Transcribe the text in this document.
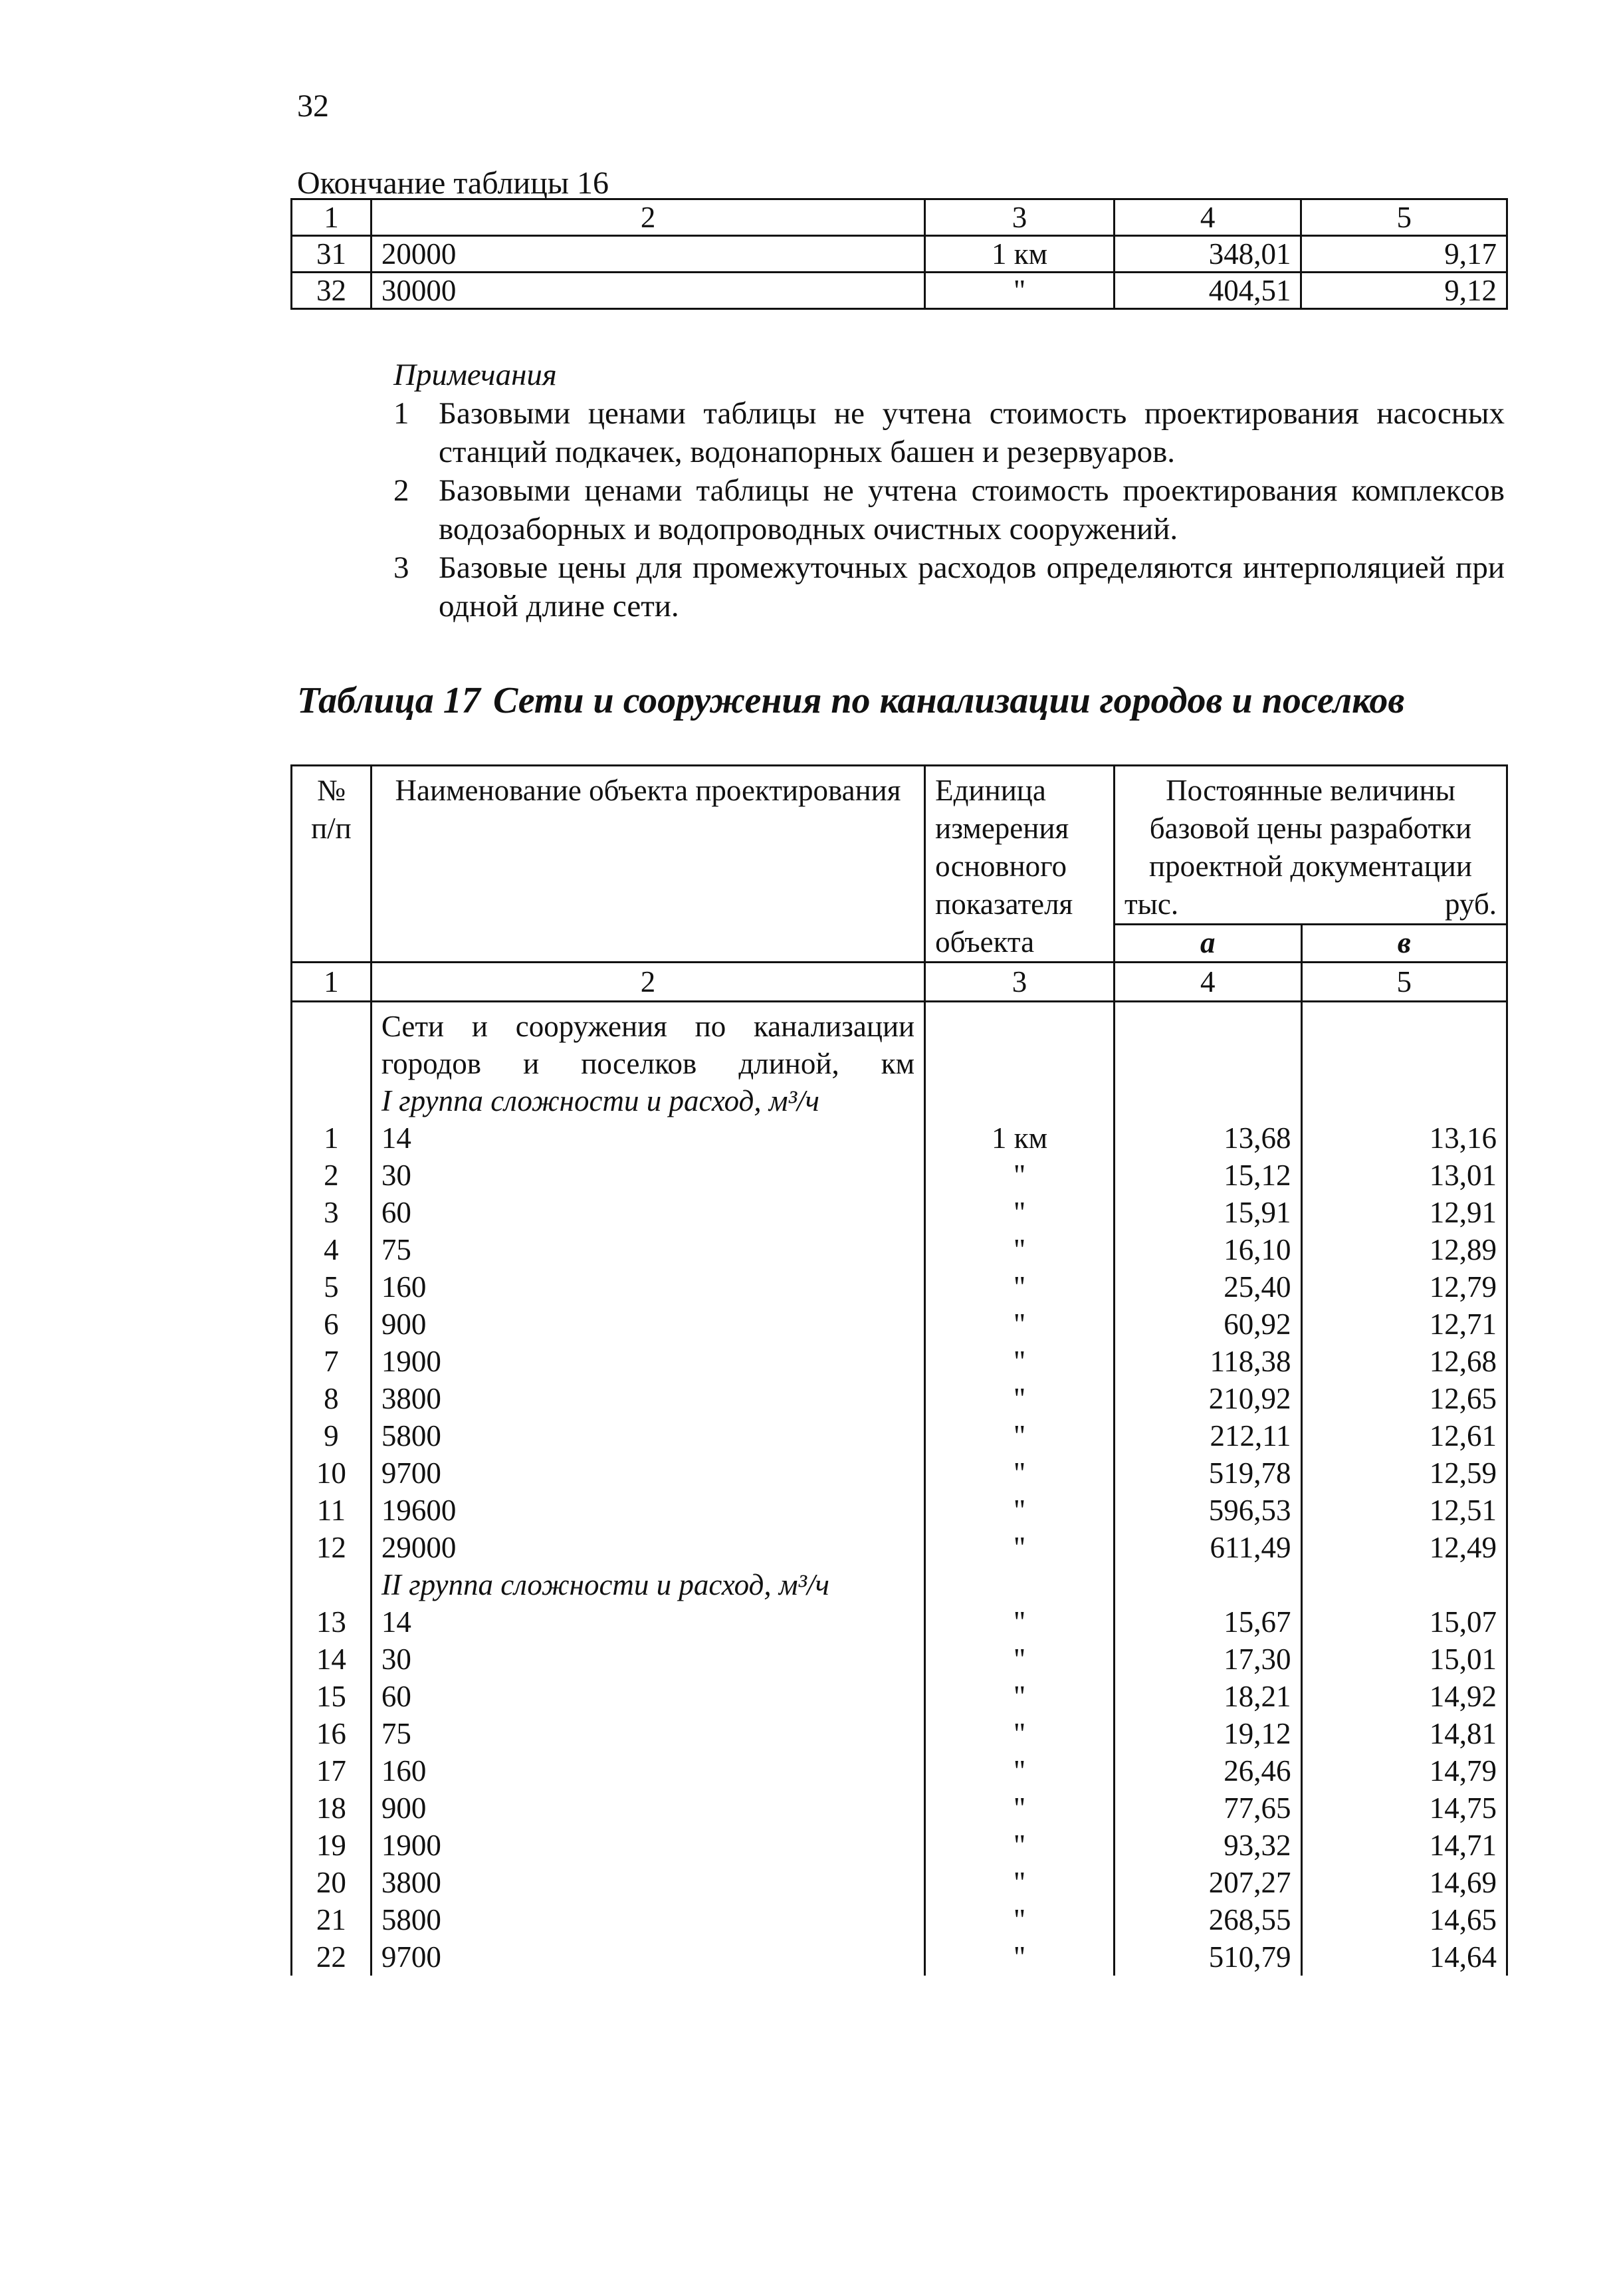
32
Окончание таблицы 16
1	2	3	4	5
31	20000	1 км	348,01	9,17
32	30000	"	404,51	9,12
Примечания
1 Базовыми ценами таблицы не учтена стоимость проектирования насосных станций подкачек, водонапорных башен и резервуаров.
2 Базовыми ценами таблицы не учтена стоимость проектирования комплексов водозаборных и водопроводных очистных сооружений.
3 Базовые цены для промежуточных расходов определяются интерполяцией при одной длине сети.
Таблица 17 Сети и сооружения по канализации городов и поселков
№ п/п	Наименование объекта проектирования	Единица измерения основного показателя объекта	Постоянные величины базовой цены разработки проектной документации тыс. руб.	
			а	в
1	2	3	4	5
	Сети и сооружения по канализации городов и поселков длиной, км			
	I группа сложности и расход, м³/ч			
1	14	1 км	13,68	13,16
2	30	"	15,12	13,01
3	60	"	15,91	12,91
4	75	"	16,10	12,89
5	160	"	25,40	12,79
6	900	"	60,92	12,71
7	1900	"	118,38	12,68
8	3800	"	210,92	12,65
9	5800	"	212,11	12,61
10	9700	"	519,78	12,59
11	19600	"	596,53	12,51
12	29000	"	611,49	12,49
	II группа сложности и расход, м³/ч			
13	14	"	15,67	15,07
14	30	"	17,30	15,01
15	60	"	18,21	14,92
16	75	"	19,12	14,81
17	160	"	26,46	14,79
18	900	"	77,65	14,75
19	1900	"	93,32	14,71
20	3800	"	207,27	14,69
21	5800	"	268,55	14,65
22	9700	"	510,79	14,64
